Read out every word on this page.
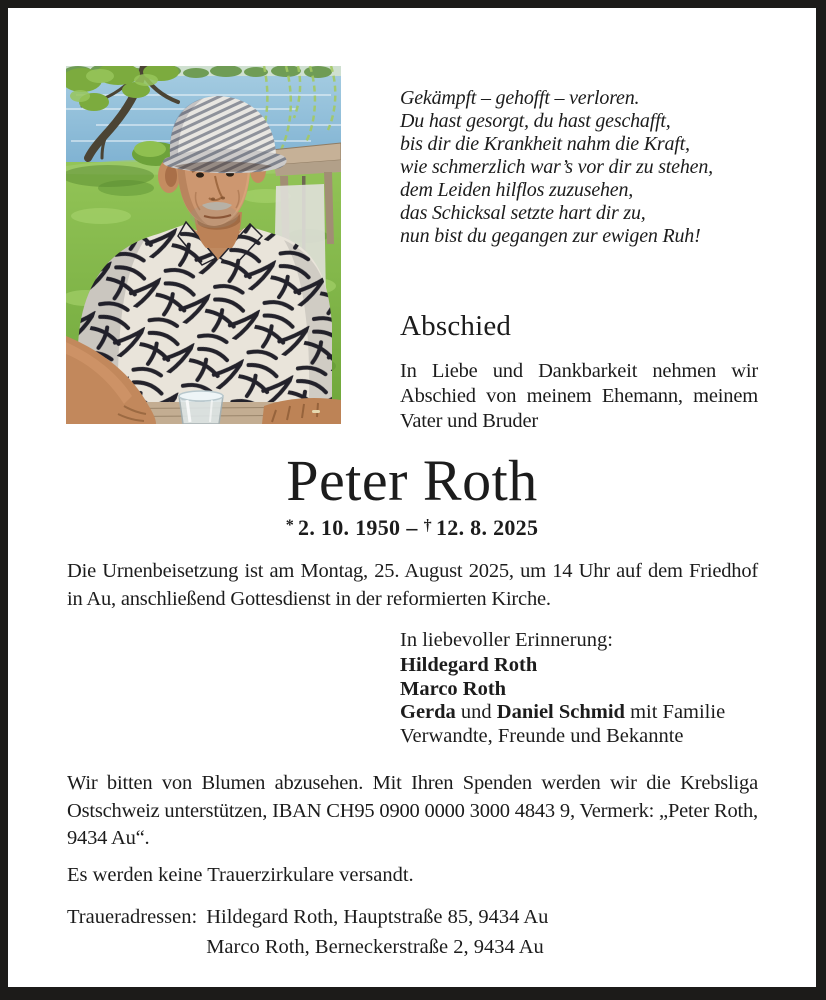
Gekämpft – gehofft – verloren.
Du hast gesorgt, du hast geschafft,
bis dir die Krankheit nahm die Kraft,
wie schmerzlich war’s vor dir zu stehen,
dem Leiden hilflos zuzusehen,
das Schicksal setzte hart dir zu,
nun bist du gegangen zur ewigen Ruh!
Abschied

In Liebe und Dankbarkeit nehmen wir Abschied von meinem Ehemann, meinem Vater und Bruder

Peter Roth
* 2. 10. 1950 – † 12. 8. 2025

Die Urnenbeisetzung ist am Montag, 25. August 2025, um 14 Uhr auf dem Friedhof in Au, anschließend Gottesdienst in der reformierten Kirche.

In liebevoller Erinnerung:
Hildegard Roth
Marco Roth
Gerda und Daniel Schmid mit Familie
Verwandte, Freunde und Bekannte

Wir bitten von Blumen abzusehen. Mit Ihren Spenden werden wir die Krebsliga Ostschweiz unterstützen, IBAN CH95 0900 0000 3000 4843 9, Vermerk: „Peter Roth, 9434 Au“.

Es werden keine Trauerzirkulare versandt.

Traueradressen: Hildegard Roth, Hauptstraße 85, 9434 Au
Marco Roth, Berneckerstraße 2, 9434 Au
